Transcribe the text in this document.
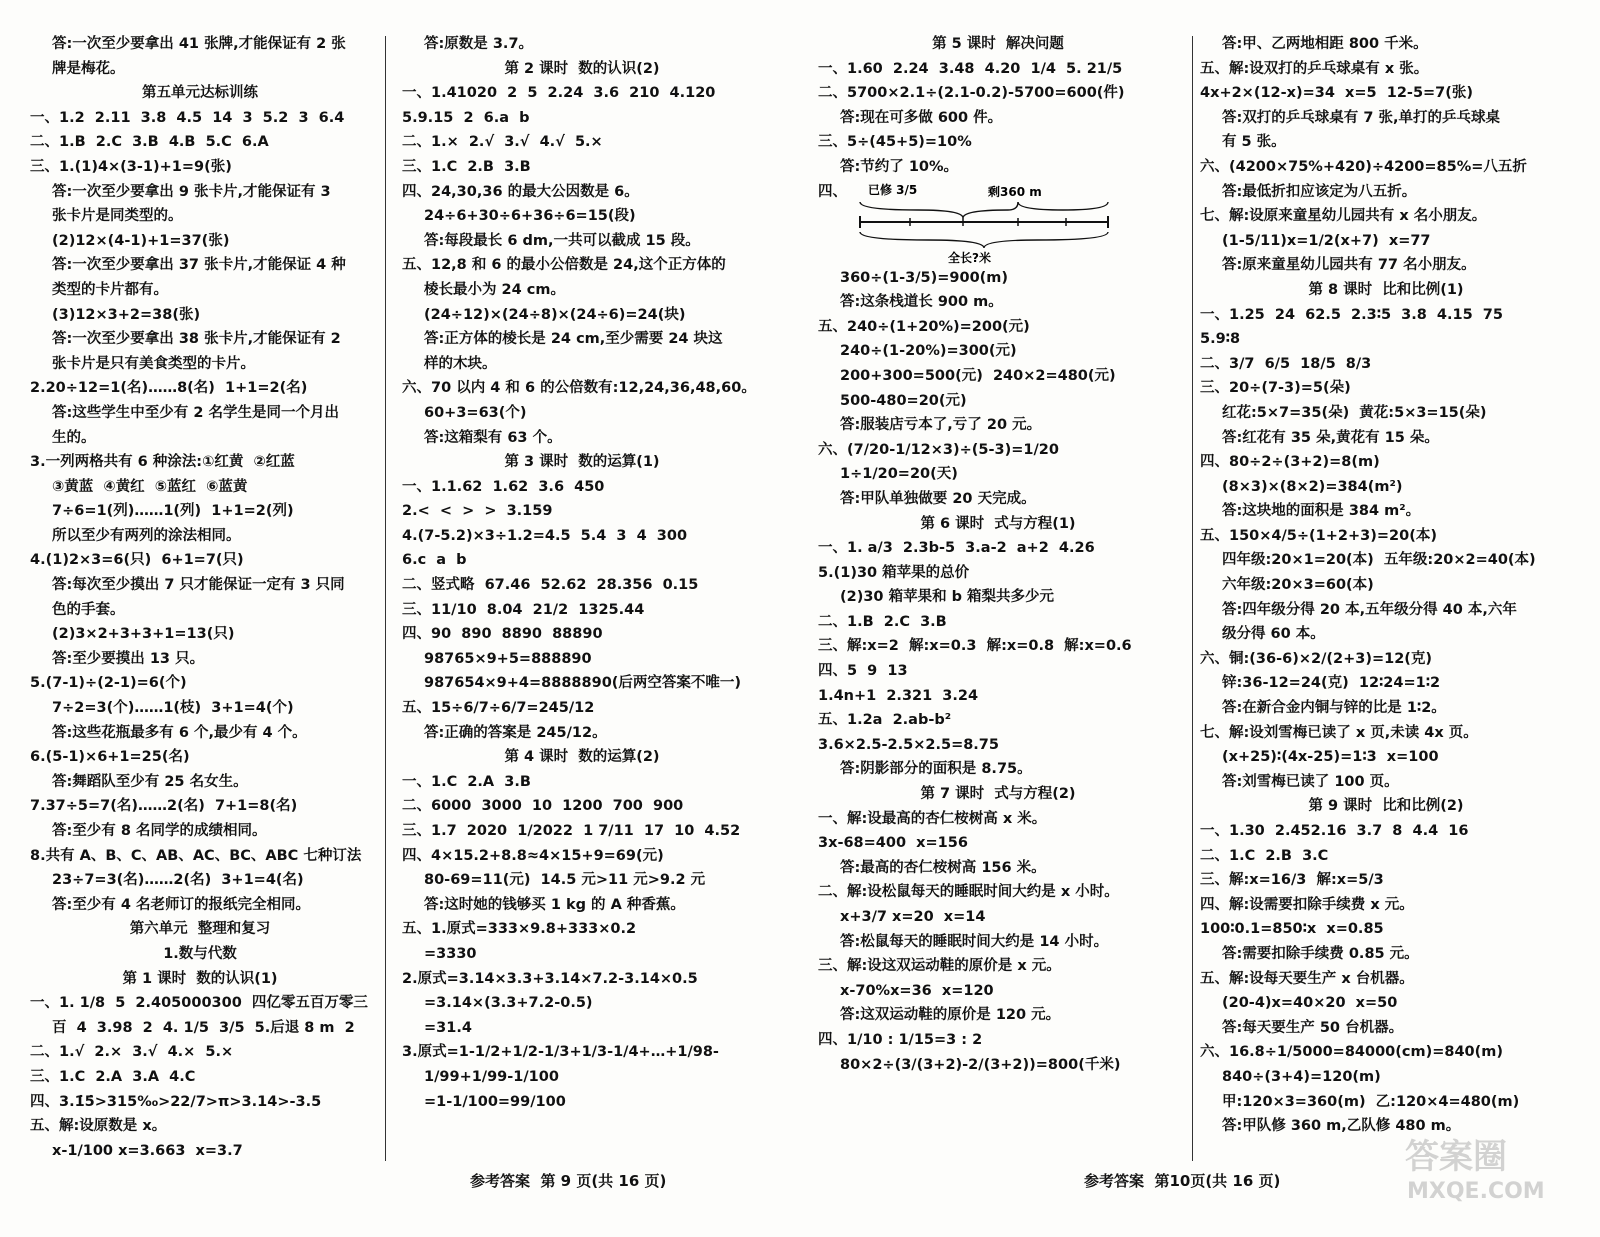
答:一次至少要拿出 41 张牌,才能保证有 2 张
牌是梅花。
第五单元达标训练
一、1.2  2.11  3.8  4.5  14  3  5.2  3  6.4
二、1.B  2.C  3.B  4.B  5.C  6.A
三、1.(1)4×(3-1)+1=9(张)
答:一次至少要拿出 9 张卡片,才能保证有 3
张卡片是同类型的。
(2)12×(4-1)+1=37(张)
答:一次至少要拿出 37 张卡片,才能保证 4 种
类型的卡片都有。
(3)12×3+2=38(张)
答:一次至少要拿出 38 张卡片,才能保证有 2
张卡片是只有美食类型的卡片。
2.20÷12=1(名)……8(名)  1+1=2(名)
答:这些学生中至少有 2 名学生是同一个月出
生的。
3.一列两格共有 6 种涂法:①红黄  ②红蓝
③黄蓝  ④黄红  ⑤蓝红  ⑥蓝黄
7÷6=1(列)……1(列)  1+1=2(列)
所以至少有两列的涂法相同。
4.(1)2×3=6(只)  6+1=7(只)
答:每次至少摸出 7 只才能保证一定有 3 只同
色的手套。
(2)3×2+3+3+1=13(只)
答:至少要摸出 13 只。
5.(7-1)÷(2-1)=6(个)
7÷2=3(个)……1(枝)  3+1=4(个)
答:这些花瓶最多有 6 个,最少有 4 个。
6.(5-1)×6+1=25(名)
答:舞蹈队至少有 25 名女生。
7.37÷5=7(名)……2(名)  7+1=8(名)
答:至少有 8 名同学的成绩相同。
8.共有 A、B、C、AB、AC、BC、ABC 七种订法
23÷7=3(名)……2(名)  3+1=4(名)
答:至少有 4 名老师订的报纸完全相同。
第六单元  整理和复习
1.数与代数
第 1 课时  数的认识(1)
一、1. 1/8  5  2.405000300  四亿零五百万零三
百  4  3.98  2  4. 1/5  3/5  5.后退 8 m  2
二、1.√  2.×  3.√  4.×  5.×
三、1.C  2.A  3.A  4.C
四、3.1̇5̇>315‰>22/7>π>3.14>-3.5
五、解:设原数是 x。
x-1/100 x=3.663  x=3.7
答:原数是 3.7。
第 2 课时  数的认识(2)
一、1.41020  2  5  2.24  3.6  210  4.120
5.9.15  2  6.a  b
二、1.×  2.√  3.√  4.√  5.×
三、1.C  2.B  3.B
四、24,30,36 的最大公因数是 6。
24÷6+30÷6+36÷6=15(段)
答:每段最长 6 dm,一共可以截成 15 段。
五、12,8 和 6 的最小公倍数是 24,这个正方体的
棱长最小为 24 cm。
(24÷12)×(24÷8)×(24÷6)=24(块)
答:正方体的棱长是 24 cm,至少需要 24 块这
样的木块。
六、70 以内 4 和 6 的公倍数有:12,24,36,48,60。
60+3=63(个)
答:这箱梨有 63 个。
第 3 课时  数的运算(1)
一、1.1.62  1.62  3.6  450
2.<  <  >  >  3.159
4.(7-5.2)×3÷1.2=4.5  5.4  3  4  300
6.c  a  b
二、竖式略  67.46  52.62  28.356  0.15
三、11/10  8.04  21/2  1325.44
四、90  890  8890  88890
98765×9+5=888890
987654×9+4=8888890(后两空答案不唯一)
五、15÷6/7÷6/7=245/12
答:正确的答案是 245/12。
第 4 课时  数的运算(2)
一、1.C  2.A  3.B
二、6000  3000  10  1200  700  900
三、1.7  2020  1/2022  1 7/11  17  10  4.52
四、4×15.2+8.8≈4×15+9=69(元)
80-69=11(元)  14.5 元>11 元>9.2 元
答:这时她的钱够买 1 kg 的 A 种香蕉。
五、1.原式=333×9.8+333×0.2
=3330
2.原式=3.14×3.3+3.14×7.2-3.14×0.5
=3.14×(3.3+7.2-0.5)
=31.4
3.原式=1-1/2+1/2-1/3+1/3-1/4+…+1/98-
1/99+1/99-1/100
=1-1/100=99/100
第 5 课时  解决问题
一、1.60  2.24  3.48  4.20  1/4  5. 21/5
二、5700×2.1÷(2.1-0.2)-5700=600(件)
答:现在可多做 600 件。
三、5÷(45+5)=10%
答:节约了 10%。
四、 已修 3/5	剩360 m
全长?米
360÷(1-3/5)=900(m)
答:这条栈道长 900 m。
五、240÷(1+20%)=200(元)
240÷(1-20%)=300(元)
200+300=500(元)  240×2=480(元)
500-480=20(元)
答:服装店亏本了,亏了 20 元。
六、(7/20-1/12×3)÷(5-3)=1/20
1÷1/20=20(天)
答:甲队单独做要 20 天完成。
第 6 课时  式与方程(1)
一、1. a/3  2.3b-5  3.a-2  a+2  4.26
5.(1)30 箱苹果的总价
(2)30 箱苹果和 b 箱梨共多少元
二、1.B  2.C  3.B
三、解:x=2  解:x=0.3  解:x=0.8  解:x=0.6
四、5  9  13
1.4n+1  2.321  3.24
五、1.2a  2.ab-b²
3.6×2.5-2.5×2.5=8.75
答:阴影部分的面积是 8.75。
第 7 课时  式与方程(2)
一、解:设最高的杏仁桉树高 x 米。
3x-68=400  x=156
答:最高的杏仁桉树高 156 米。
二、解:设松鼠每天的睡眠时间大约是 x 小时。
x+3/7 x=20  x=14
答:松鼠每天的睡眠时间大约是 14 小时。
三、解:设这双运动鞋的原价是 x 元。
x-70%x=36  x=120
答:这双运动鞋的原价是 120 元。
四、1/10 : 1/15=3 : 2
80×2÷(3/(3+2)-2/(3+2))=800(千米)
答:甲、乙两地相距 800 千米。
五、解:设双打的乒乓球桌有 x 张。
4x+2×(12-x)=34  x=5  12-5=7(张)
答:双打的乒乓球桌有 7 张,单打的乒乓球桌
有 5 张。
六、(4200×75%+420)÷4200=85%=八五折
答:最低折扣应该定为八五折。
七、解:设原来童星幼儿园共有 x 名小朋友。
(1-5/11)x=1/2(x+7)  x=77
答:原来童星幼儿园共有 77 名小朋友。
第 8 课时  比和比例(1)
一、1.25  24  62.5  2.3∶5  3.8  4.15  75
5.9∶8
二、3/7  6/5  18/5  8/3
三、20÷(7-3)=5(朵)
红花:5×7=35(朵)  黄花:5×3=15(朵)
答:红花有 35 朵,黄花有 15 朵。
四、80÷2÷(3+2)=8(m)
(8×3)×(8×2)=384(m²)
答:这块地的面积是 384 m²。
五、150×4/5÷(1+2+3)=20(本)
四年级:20×1=20(本)  五年级:20×2=40(本)
六年级:20×3=60(本)
答:四年级分得 20 本,五年级分得 40 本,六年
级分得 60 本。
六、铜:(36-6)×2/(2+3)=12(克)
锌:36-12=24(克)  12∶24=1∶2
答:在新合金内铜与锌的比是 1∶2。
七、解:设刘雪梅已读了 x 页,未读 4x 页。
(x+25)∶(4x-25)=1∶3  x=100
答:刘雪梅已读了 100 页。
第 9 课时  比和比例(2)
一、1.30  2.452.16  3.7  8  4.4  16
二、1.C  2.B  3.C
三、解:x=16/3  解:x=5/3
四、解:设需要扣除手续费 x 元。
100∶0.1=850∶x  x=0.85
答:需要扣除手续费 0.85 元。
五、解:设每天要生产 x 台机器。
(20-4)x=40×20  x=50
答:每天要生产 50 台机器。
六、16.8÷1/5000=84000(cm)=840(m)
840÷(3+4)=120(m)
甲:120×3=360(m)  乙:120×4=480(m)
答:甲队修 360 m,乙队修 480 m。
参考答案  第 9 页(共 16 页)	参考答案  第10页(共 16 页)
答案圈
MXQE.COM
